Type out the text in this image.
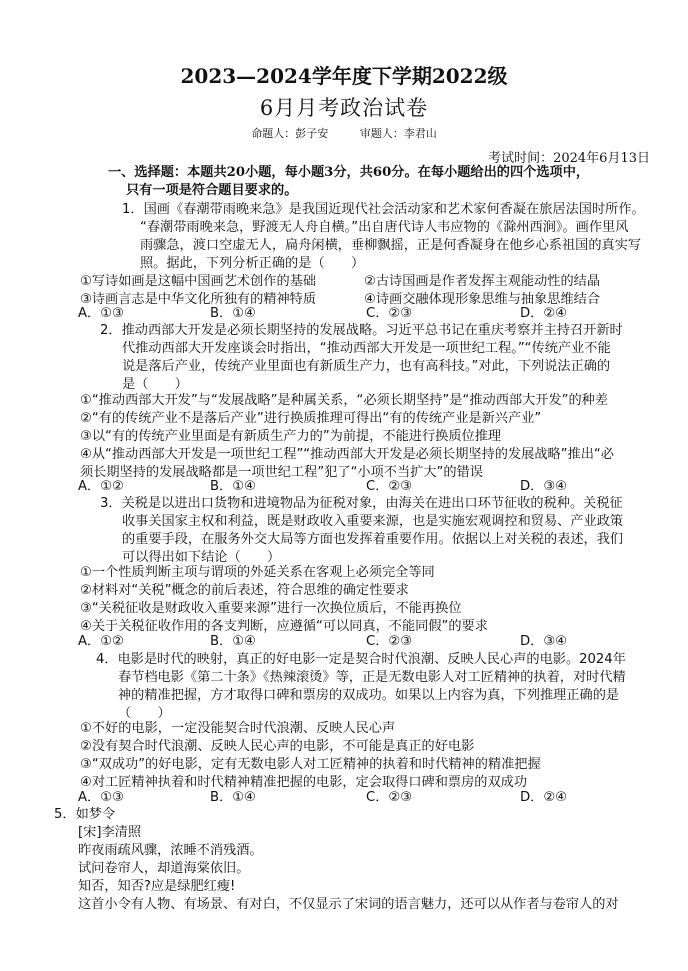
2023—2024学年度下学期2022级
6月月考政治试卷
命题人：彭子安	审题人：李君山
考试时间：2024年6月13日
一、选择题：本题共20小题，每小题3分，共60分。在每小题给出的四个选项中，
只有一项是符合题目要求的。
1．国画《春潮带雨晚来急》是我国近现代社会活动家和艺术家何香凝在旅居法国时所作。
“春潮带雨晚来急，野渡无人舟自横。”出自唐代诗人韦应物的《滁州西涧》。画作里风
雨骤急，渡口空虚无人，扁舟闲横，垂柳飘摇，正是何香凝身在他乡心系祖国的真实写
照。据此，下列分析正确的是（　　）
①写诗如画是这幅中国画艺术创作的基础	②古诗国画是作者发挥主观能动性的结晶
③诗画言志是中华文化所独有的精神特质	④诗画交融体现形象思维与抽象思维结合
A．①③	B．①④	C．②③	D．②④
2．推动西部大开发是必须长期坚持的发展战略。习近平总书记在重庆考察并主持召开新时
代推动西部大开发座谈会时指出，“推动西部大开发是一项世纪工程。”“传统产业不能
说是落后产业，传统产业里面也有新质生产力，也有高科技。”对此，下列说法正确的
是（　　）
①“推动西部大开发”与“发展战略”是种属关系，“必须长期坚持”是“推动西部大开发”的种差
②“有的传统产业不是落后产业”进行换质推理可得出“有的传统产业是新兴产业”
③以“有的传统产业里面是有新质生产力的”为前提，不能进行换质位推理
④从“推动西部大开发是一项世纪工程”“推动西部大开发是必须长期坚持的发展战略”推出“必
须长期坚持的发展战略都是一项世纪工程”犯了“小项不当扩大”的错误
A．①②	B．①④	C．②③	D．③④
3．关税是以进出口货物和进境物品为征税对象，由海关在进出口环节征收的税种。关税征
收事关国家主权和利益，既是财政收入重要来源，也是实施宏观调控和贸易、产业政策
的重要手段，在服务外交大局等方面也发挥着重要作用。依据以上对关税的表述，我们
可以得出如下结论（　　）
①一个性质判断主项与谓项的外延关系在客观上必须完全等同
②材料对“关税”概念的前后表述，符合思维的确定性要求
③“关税征收是财政收入重要来源”进行一次换位质后，不能再换位
④关于关税征收作用的各支判断，应遵循“可以同真，不能同假”的要求
A．①②	B．①④	C．②③	D．③④
4．电影是时代的映射，真正的好电影一定是契合时代浪潮、反映人民心声的电影。2024年
春节档电影《第二十条》《热辣滚烫》等，正是无数电影人对工匠精神的执着，对时代精
神的精准把握，方才取得口碑和票房的双成功。如果以上内容为真，下列推理正确的是
（　　）
①不好的电影，一定没能契合时代浪潮、反映人民心声
②没有契合时代浪潮、反映人民心声的电影，不可能是真正的好电影
③“双成功”的好电影，定有无数电影人对工匠精神的执着和时代精神的精准把握
④对工匠精神执着和时代精神精准把握的电影，定会取得口碑和票房的双成功
A．①③	B．①④	C．②③	D．②④
5．如梦令
[宋]李清照
昨夜雨疏风骤，浓睡不消残酒。
试问卷帘人，却道海棠依旧。
知否，知否?应是绿肥红瘦!
这首小令有人物、有场景、有对白，不仅显示了宋词的语言魅力，还可以从作者与卷帘人的对
